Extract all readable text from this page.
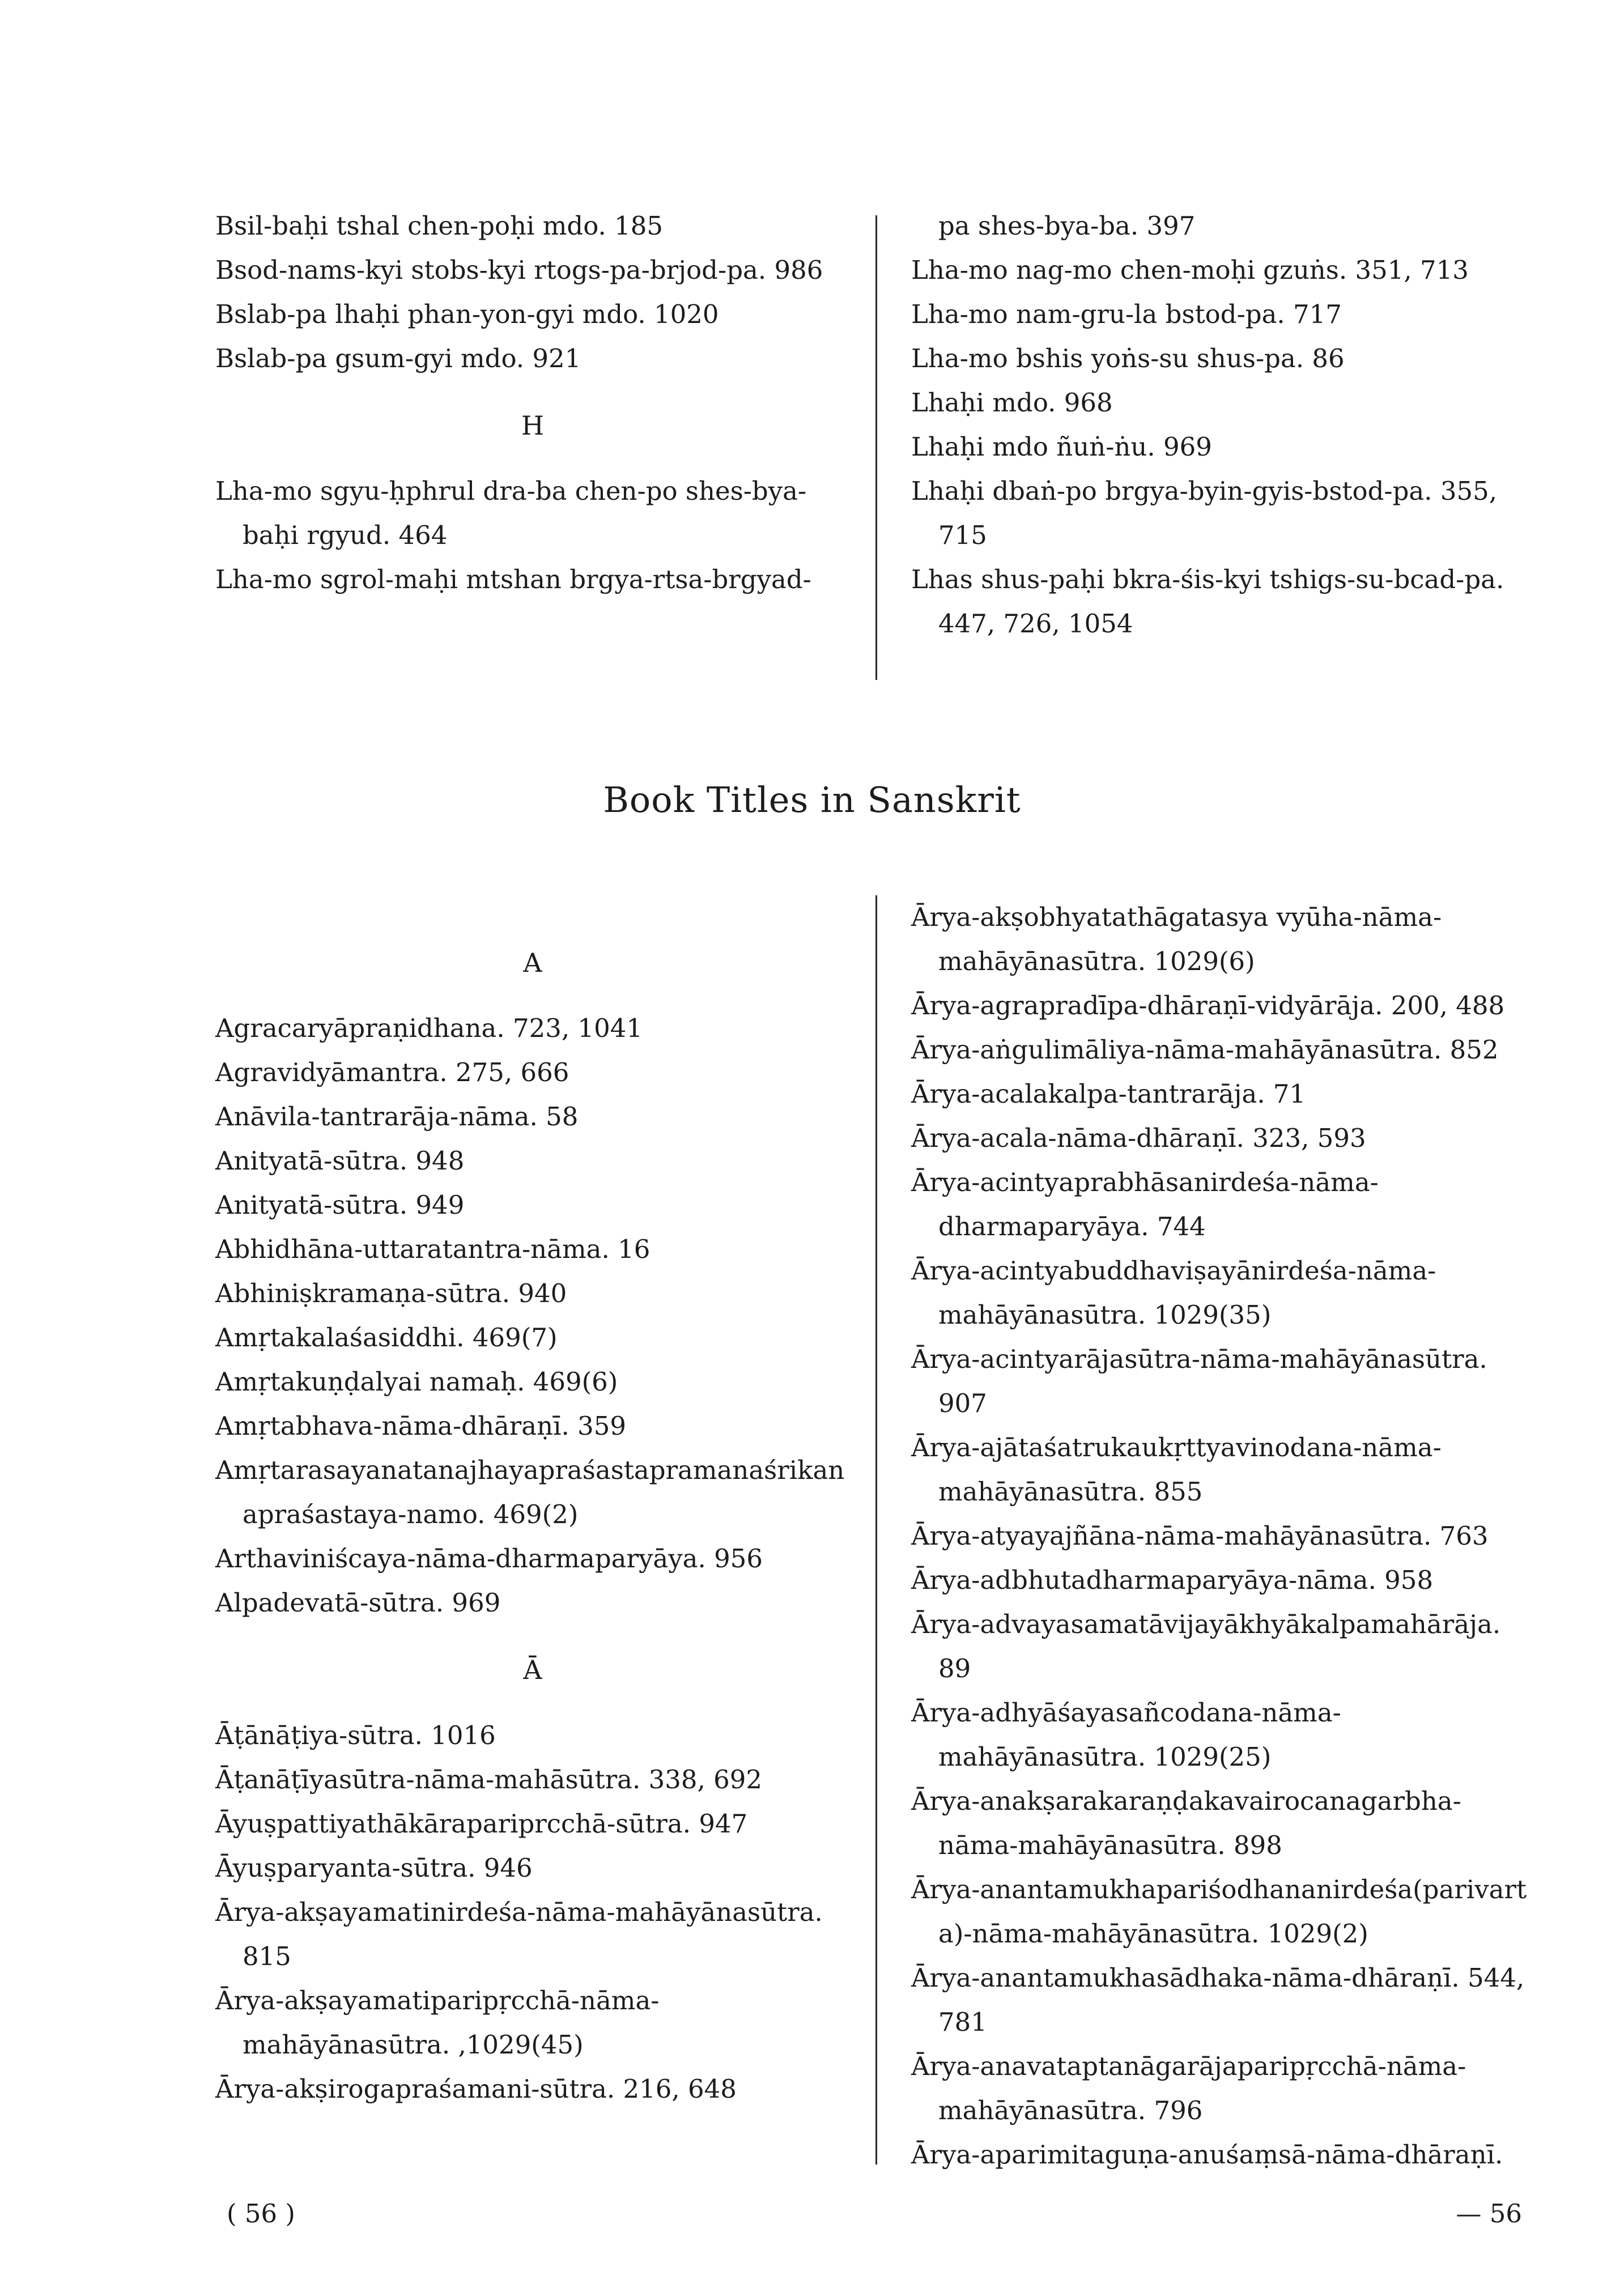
Bsil-baḥi tshal chen-poḥi mdo. 185
Bsod-nams-kyi stobs-kyi rtogs-pa-brjod-pa. 986
Bslab-pa lhaḥi phan-yon-gyi mdo. 1020
Bslab-pa gsum-gyi mdo. 921
H
Lha-mo sgyu-ḥphrul dra-ba chen-po shes-bya-baḥi rgyud. 464
Lha-mo sgrol-maḥi mtshan brgya-rtsa-brgyad-
pa shes-bya-ba. 397
Lha-mo nag-mo chen-moḥi gzuṅs. 351, 713
Lha-mo nam-gru-la bstod-pa. 717
Lha-mo bshis yoṅs-su shus-pa. 86
Lhaḥi mdo. 968
Lhaḥi mdo ñuṅ-ṅu. 969
Lhaḥi dbaṅ-po brgya-byin-gyis-bstod-pa. 355, 715
Lhas shus-paḥi bkra-śis-kyi tshigs-su-bcad-pa. 447, 726, 1054
Book Titles in Sanskrit
A
Agracaryāpraṇidhana. 723, 1041
Agravidyāmantra. 275, 666
Anāvila-tantrarāja-nāma. 58
Anityatā-sūtra. 948
Anityatā-sūtra. 949
Abhidhāna-uttaratantra-nāma. 16
Abhiniṣkramaṇa-sūtra. 940
Amṛtakalaśasiddhi. 469(7)
Amṛtakuṇḍalyai namaḥ. 469(6)
Amṛtabhava-nāma-dhāraṇī. 359
Amṛtarasayanatanajhayapraśastapramanaśrikanapraśastaya-namo. 469(2)
Arthaviniścaya-nāma-dharmaparyāya. 956
Alpadevatā-sūtra. 969
Ā
Āṭānāṭiya-sūtra. 1016
Āṭanāṭīyasūtra-nāma-mahāsūtra. 338, 692
Āyuṣpattiyathākārapariprcchā-sūtra. 947
Āyuṣparyanta-sūtra. 946
Ārya-akṣayamatinirdeśa-nāma-mahāyānasūtra. 815
Ārya-akṣayamatiparipṛcchā-nāma-mahāyānasūtra. ,1029(45)
Ārya-akṣirogapraśamani-sūtra. 216, 648
Ārya-akṣobhyatathāgatasya vyūha-nāma-mahāyānasūtra. 1029(6)
Ārya-agrapradīpa-dhāraṇī-vidyārāja. 200, 488
Ārya-aṅgulimāliya-nāma-mahāyānasūtra. 852
Ārya-acalakalpa-tantrarāja. 71
Ārya-acala-nāma-dhāraṇī. 323, 593
Ārya-acintyaprabhāsanirdeśa-nāma-dharmaparyāya. 744
Ārya-acintyabuddhaviṣayānirdeśa-nāma-mahāyānasūtra. 1029(35)
Ārya-acintyarājasūtra-nāma-mahāyānasūtra. 907
Ārya-ajātaśatrukaukṛttyavinodana-nāma-mahāyānasūtra. 855
Ārya-atyayajñāna-nāma-mahāyānasūtra. 763
Ārya-adbhutadharmaparyāya-nāma. 958
Ārya-advayasamatāvijayākhyākalpamahārāja. 89
Ārya-adhyāśayasañcodana-nāma-mahāyānasūtra. 1029(25)
Ārya-anakṣarakaraṇḍakavairocanagarbha-nāma-mahāyānasūtra. 898
Ārya-anantamukhapariśodhananirdeśa(parivarta)-nāma-mahāyānasūtra. 1029(2)
Ārya-anantamukhasādhaka-nāma-dhāraṇī. 544, 781
Ārya-anavataptanāgarājaparipṛcchā-nāma-mahāyānasūtra. 796
Ārya-aparimitaguṇa-anuśaṃsā-nāma-dhāraṇī.
( 56 )	— 56
